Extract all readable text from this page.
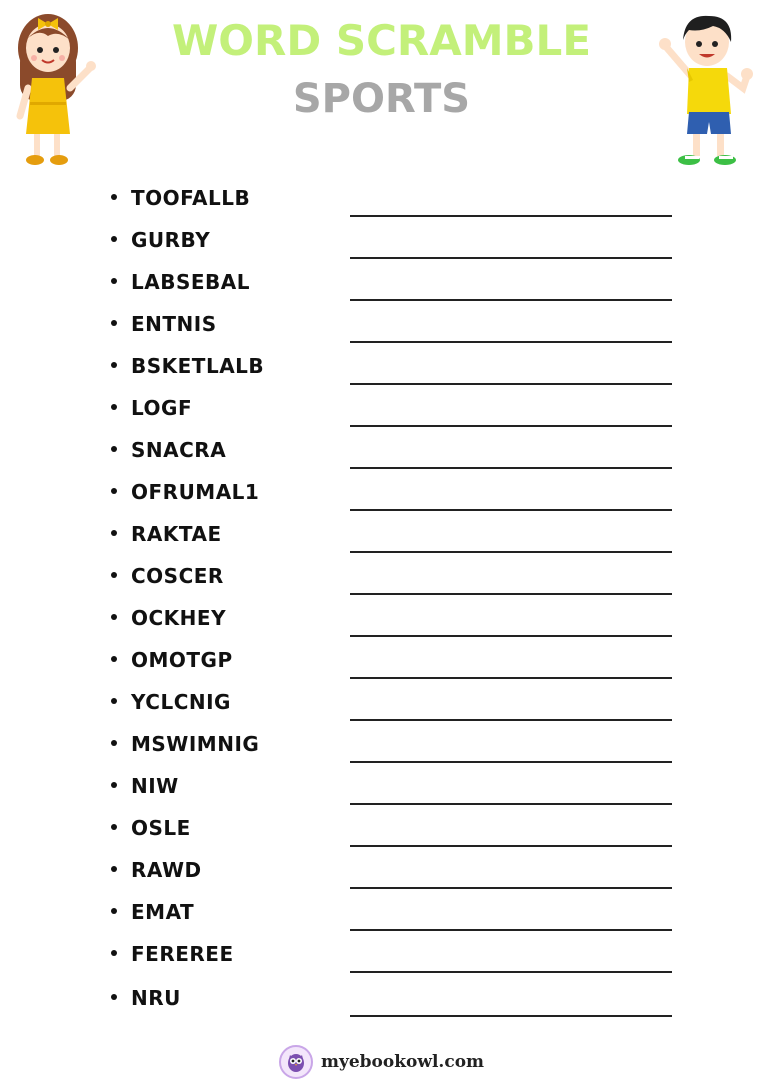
WORD SCRAMBLE
SPORTS
TOOFALLB
GURBY
LABSEBAL
ENTNIS
BSKETLALB
LOGF
SNACRA
OFRUMAL1
RAKTAE
COSCER
OCKHEY
OMOTGP
YCLCNIG
MSWIMNIG
NIW
OSLE
RAWD
EMAT
FEREREE
NRU
myebookowl.com
